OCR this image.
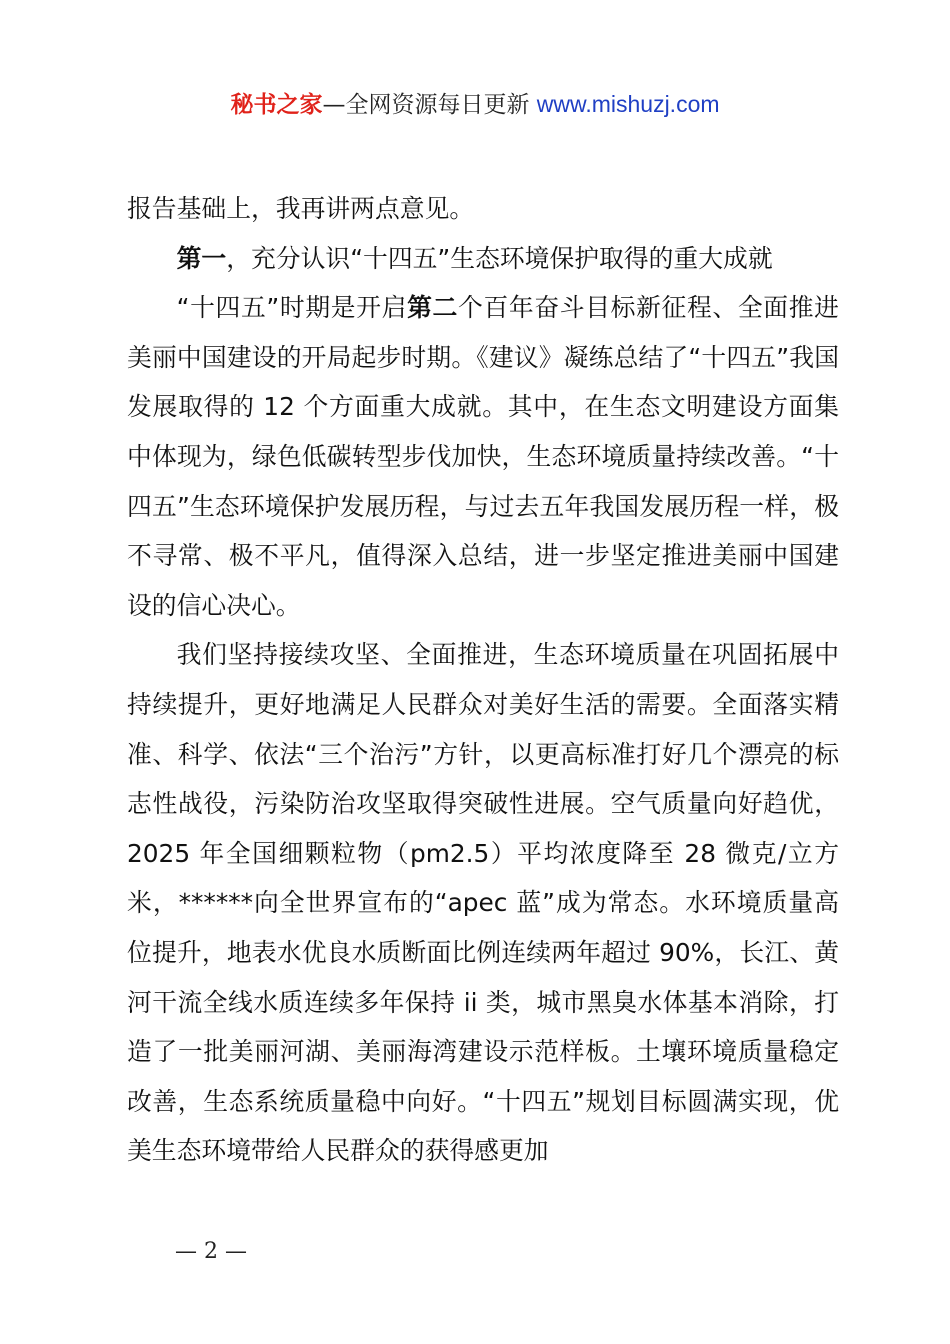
秘书之家—全网资源每日更新 www.mishuzj.com

报告基础上，我再讲两点意见。

第一，充分认识“十四五”生态环境保护取得的重大成就

“十四五”时期是开启第二个百年奋斗目标新征程、全面推进美丽中国建设的开局起步时期。《建议》凝练总结了“十四五”我国发展取得的 12 个方面重大成就。其中，在生态文明建设方面集中体现为，绿色低碳转型步伐加快，生态环境质量持续改善。“十四五”生态环境保护发展历程，与过去五年我国发展历程一样，极不寻常、极不平凡，值得深入总结，进一步坚定推进美丽中国建设的信心决心。

我们坚持接续攻坚、全面推进，生态环境质量在巩固拓展中持续提升，更好地满足人民群众对美好生活的需要。全面落实精准、科学、依法“三个治污”方针，以更高标准打好几个漂亮的标志性战役，污染防治攻坚取得突破性进展。空气质量向好趋优，2025 年全国细颗粒物（pm2.5）平均浓度降至 28 微克/立方米，******向全世界宣布的“apec 蓝”成为常态。水环境质量高位提升，地表水优良水质断面比例连续两年超过 90%，长江、黄河干流全线水质连续多年保持 ii 类，城市黑臭水体基本消除，打造了一批美丽河湖、美丽海湾建设示范样板。土壤环境质量稳定改善，生态系统质量稳中向好。“十四五”规划目标圆满实现，优美生态环境带给人民群众的获得感更加

— 2 —
